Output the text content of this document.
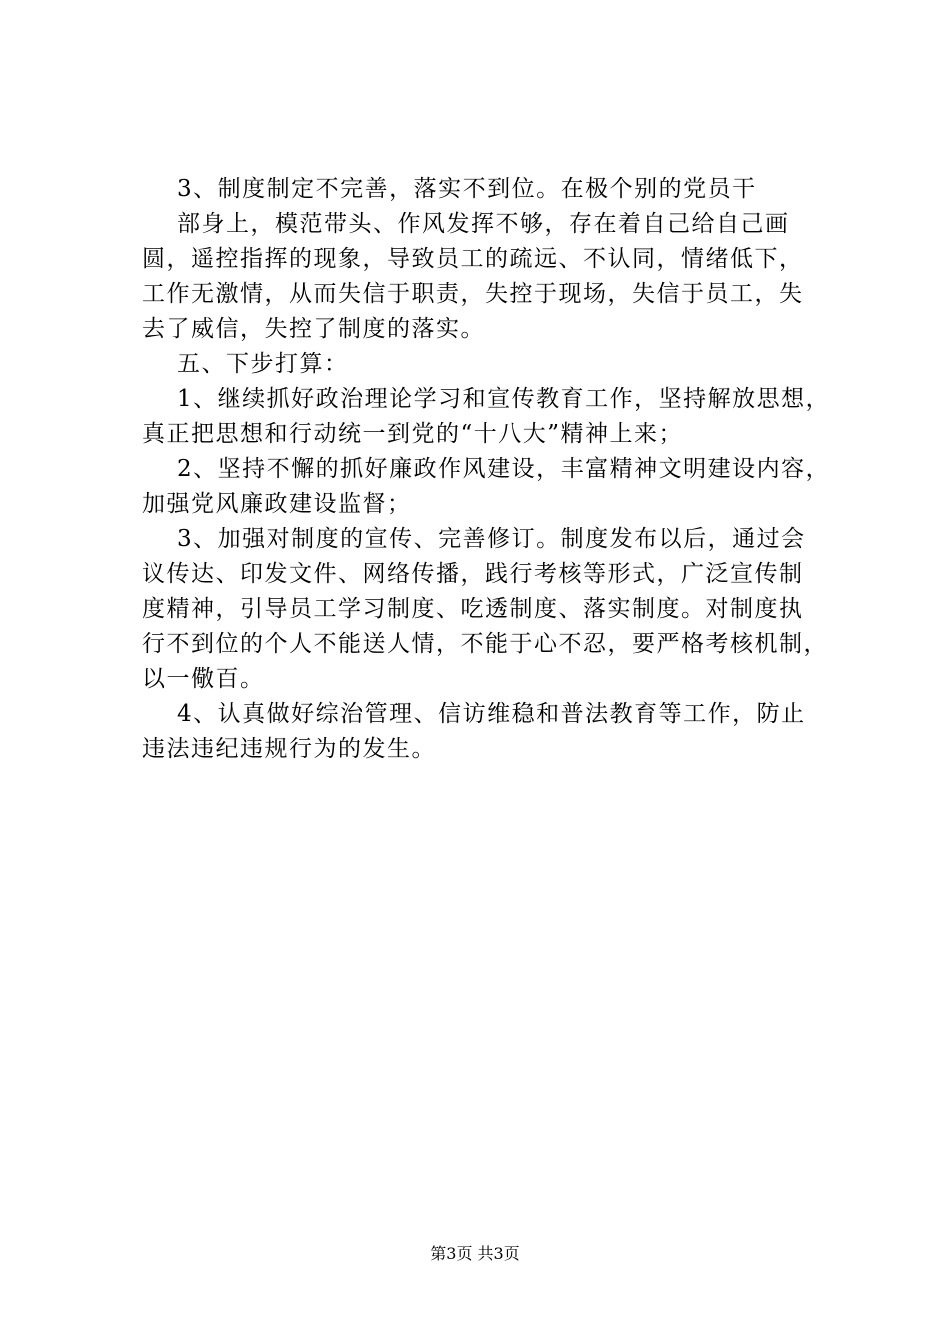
3、制度制定不完善，落实不到位。在极个别的党员干
部身上，模范带头、作风发挥不够，存在着自己给自己画
圆，遥控指挥的现象，导致员工的疏远、不认同，情绪低下，
工作无激情，从而失信于职责，失控于现场，失信于员工，失
去了威信，失控了制度的落实。
五、下步打算：
1、继续抓好政治理论学习和宣传教育工作，坚持解放思想，
真正把思想和行动统一到党的“十八大”精神上来；
2、坚持不懈的抓好廉政作风建设，丰富精神文明建设内容，
加强党风廉政建设监督；
3、加强对制度的宣传、完善修订。制度发布以后，通过会
议传达、印发文件、网络传播，践行考核等形式，广泛宣传制
度精神，引导员工学习制度、吃透制度、落实制度。对制度执
行不到位的个人不能送人情，不能于心不忍，要严格考核机制，
以一儆百。
4、认真做好综治管理、信访维稳和普法教育等工作，防止
违法违纪违规行为的发生。
第3页 共3页
